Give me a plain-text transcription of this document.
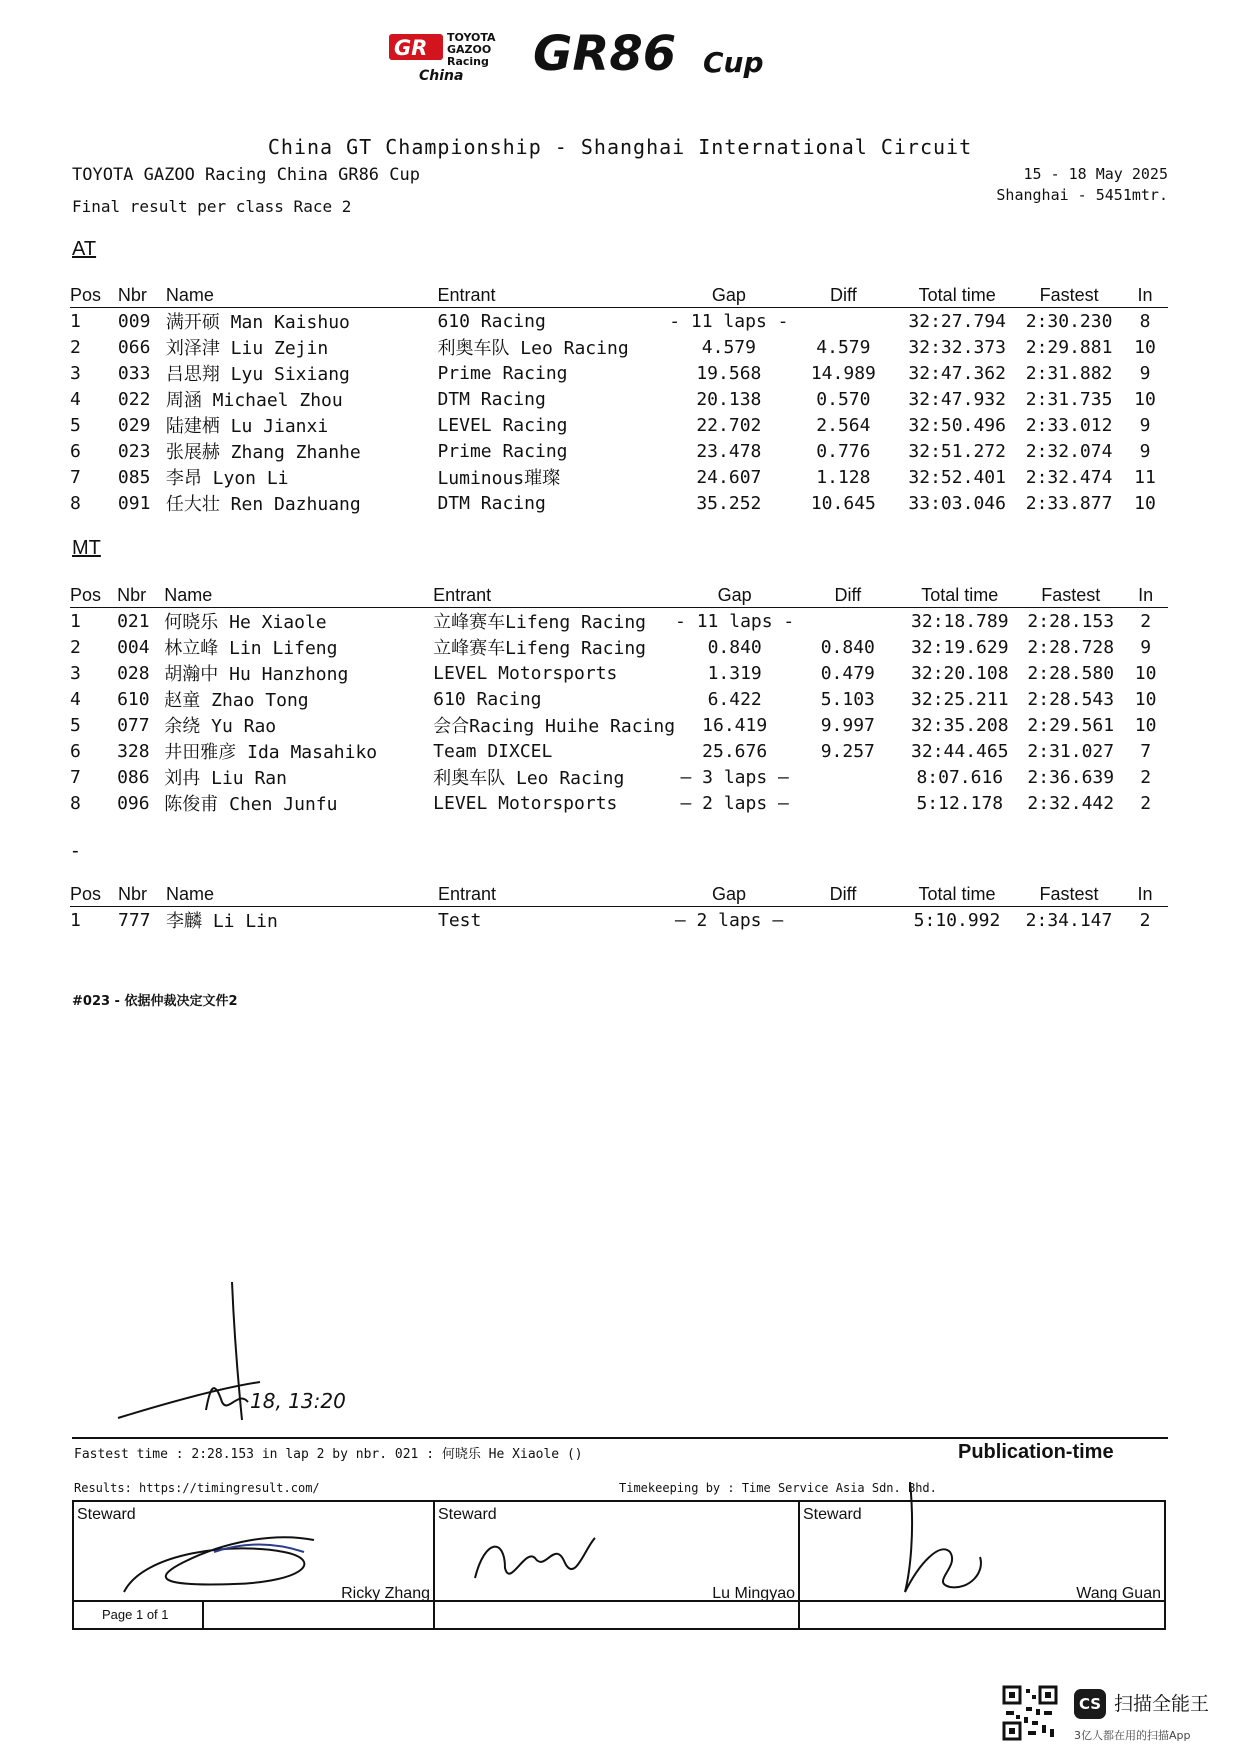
GR TOYOTA
GAZOO
Racing
China GR86 Cup
China GT Championship - Shanghai International Circuit
TOYOTA GAZOO Racing China GR86 Cup
Final result per class Race 2
15 - 18 May 2025
Shanghai - 5451mtr.
AT
Pos	Nbr	Name	Entrant	Gap	Diff	Total time	Fastest	In
1	009	满开硕 Man Kaishuo	610 Racing	- 11 laps -		32:27.794	2:30.230	8
2	066	刘泽津 Liu Zejin	利奥车队 Leo Racing	4.579	4.579	32:32.373	2:29.881	10
3	033	吕思翔 Lyu Sixiang	Prime Racing	19.568	14.989	32:47.362	2:31.882	9
4	022	周涵 Michael Zhou	DTM Racing	20.138	0.570	32:47.932	2:31.735	10
5	029	陆建栖 Lu Jianxi	LEVEL Racing	22.702	2.564	32:50.496	2:33.012	9
6	023	张展赫 Zhang Zhanhe	Prime Racing	23.478	0.776	32:51.272	2:32.074	9
7	085	李昂 Lyon Li	Luminous璀璨	24.607	1.128	32:52.401	2:32.474	11
8	091	任大壮 Ren Dazhuang	DTM Racing	35.252	10.645	33:03.046	2:33.877	10
MT
Pos	Nbr	Name	Entrant	Gap	Diff	Total time	Fastest	In
1	021	何晓乐 He Xiaole	立峰赛车Lifeng Racing	- 11 laps -		32:18.789	2:28.153	2
2	004	林立峰 Lin Lifeng	立峰赛车Lifeng Racing	0.840	0.840	32:19.629	2:28.728	9
3	028	胡瀚中 Hu Hanzhong	LEVEL Motorsports	1.319	0.479	32:20.108	2:28.580	10
4	610	赵童 Zhao Tong	610 Racing	6.422	5.103	32:25.211	2:28.543	10
5	077	余绕 Yu Rao	会合Racing Huihe Racing	16.419	9.997	32:35.208	2:29.561	10
6	328	井田雅彦 Ida Masahiko	Team DIXCEL	25.676	9.257	32:44.465	2:31.027	7
7	086	刘冉 Liu Ran	利奥车队 Leo Racing	— 3 laps —		8:07.616	2:36.639	2
8	096	陈俊甫 Chen Junfu	LEVEL Motorsports	— 2 laps —		5:12.178	2:32.442	2
-
Pos	Nbr	Name	Entrant	Gap	Diff	Total time	Fastest	In
1	777	李麟 Li Lin	Test	— 2 laps —		5:10.992	2:34.147	2
#023 - 依据仲裁决定文件2
18, 13:20
Fastest time : 2:28.153 in lap 2 by nbr. 021 : 何晓乐 He Xiaole ()	Publication-time
Results: https://timingresult.com/	Timekeeping by : Time Service Asia Sdn. Bhd.
Steward
Ricky Zhang
Steward
Lu Mingyao
Steward
Wang Guan
Page 1 of 1
CS 扫描全能王
3亿人都在用的扫描App
